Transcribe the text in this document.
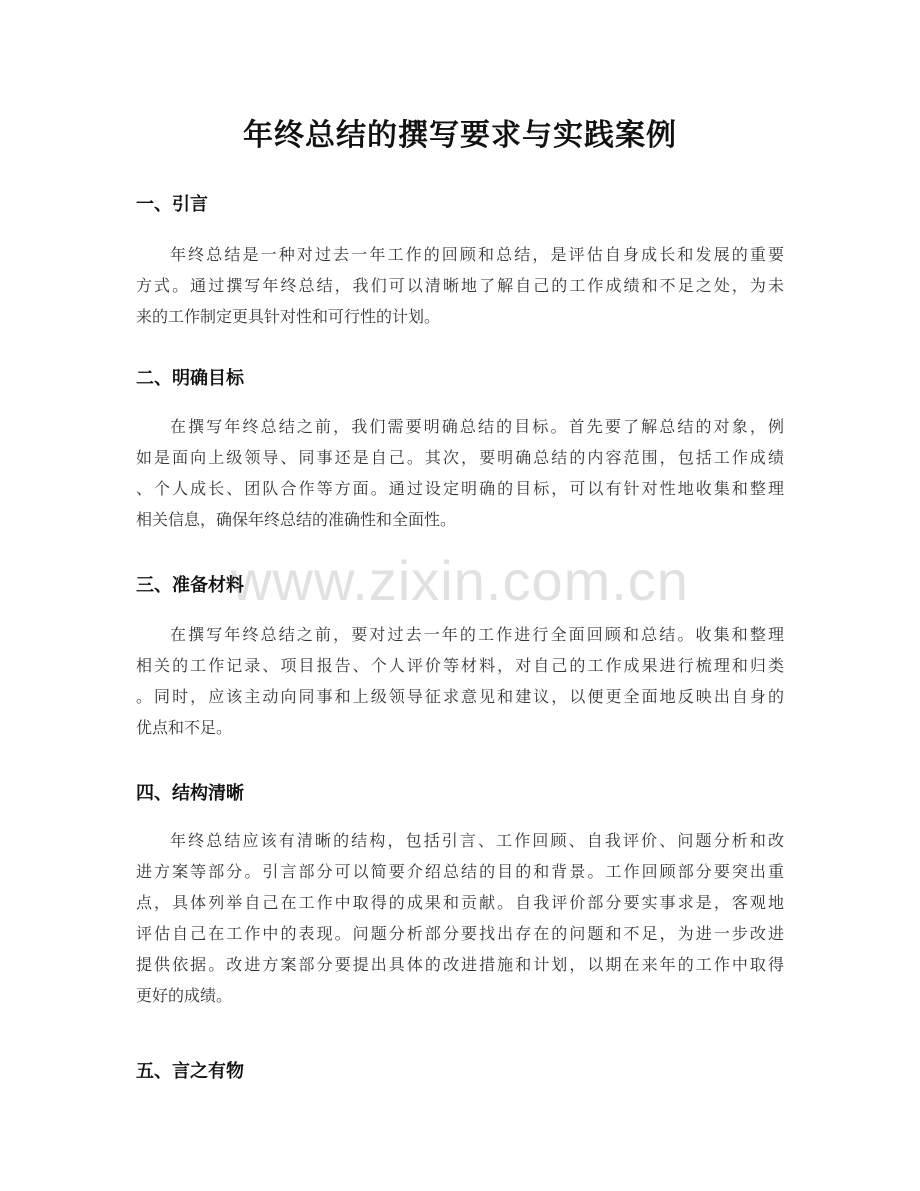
年终总结的撰写要求与实践案例
www.zixin.com.cn
一、引言

年终总结是一种对过去一年工作的回顾和总结，是评估自身成长和发展的重要
方式。通过撰写年终总结，我们可以清晰地了解自己的工作成绩和不足之处，为未
来的工作制定更具针对性和可行性的计划。

二、明确目标

在撰写年终总结之前，我们需要明确总结的目标。首先要了解总结的对象，例
如是面向上级领导、同事还是自己。其次，要明确总结的内容范围，包括工作成绩
、个人成长、团队合作等方面。通过设定明确的目标，可以有针对性地收集和整理
相关信息，确保年终总结的准确性和全面性。

三、准备材料

在撰写年终总结之前，要对过去一年的工作进行全面回顾和总结。收集和整理
相关的工作记录、项目报告、个人评价等材料，对自己的工作成果进行梳理和归类
。同时，应该主动向同事和上级领导征求意见和建议，以便更全面地反映出自身的
优点和不足。

四、结构清晰

年终总结应该有清晰的结构，包括引言、工作回顾、自我评价、问题分析和改
进方案等部分。引言部分可以简要介绍总结的目的和背景。工作回顾部分要突出重
点，具体列举自己在工作中取得的成果和贡献。自我评价部分要实事求是，客观地
评估自己在工作中的表现。问题分析部分要找出存在的问题和不足，为进一步改进
提供依据。改进方案部分要提出具体的改进措施和计划，以期在来年的工作中取得
更好的成绩。

五、言之有物
